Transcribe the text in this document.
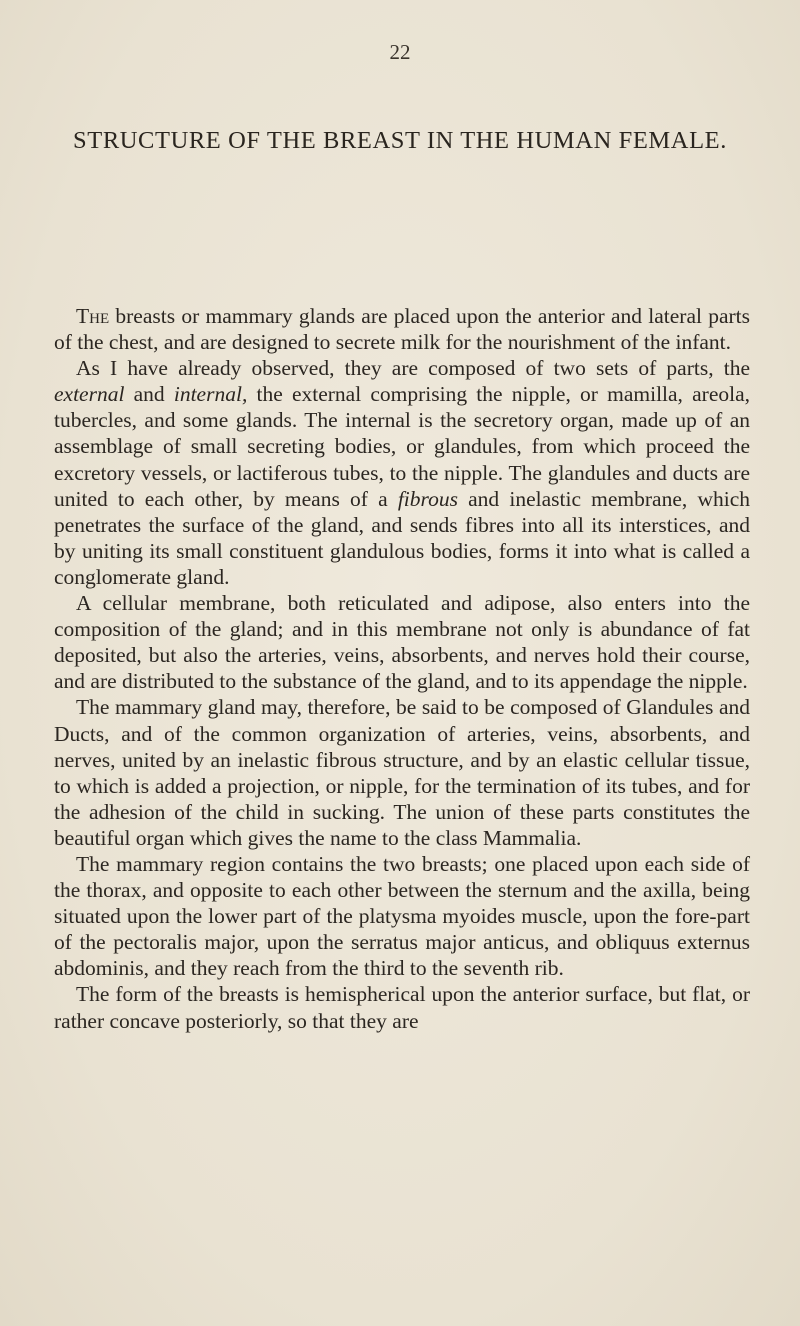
22
STRUCTURE OF THE BREAST IN THE HUMAN FEMALE.

The breasts or mammary glands are placed upon the anterior and lateral parts of the chest, and are designed to secrete milk for the nourishment of the infant.

As I have already observed, they are composed of two sets of parts, the external and internal, the external comprising the nipple, or mamilla, areola, tubercles, and some glands. The internal is the secretory organ, made up of an assemblage of small secreting bodies, or glandules, from which proceed the excretory vessels, or lactiferous tubes, to the nipple. The glandules and ducts are united to each other, by means of a fibrous and inelastic membrane, which penetrates the surface of the gland, and sends fibres into all its interstices, and by uniting its small constituent glandulous bodies, forms it into what is called a conglomerate gland.

A cellular membrane, both reticulated and adipose, also enters into the composition of the gland; and in this membrane not only is abundance of fat deposited, but also the arteries, veins, absorbents, and nerves hold their course, and are distributed to the substance of the gland, and to its appendage the nipple.

The mammary gland may, therefore, be said to be composed of Glandules and Ducts, and of the common organization of arteries, veins, absorbents, and nerves, united by an inelastic fibrous structure, and by an elastic cellular tissue, to which is added a projection, or nipple, for the termination of its tubes, and for the adhesion of the child in sucking. The union of these parts constitutes the beautiful organ which gives the name to the class Mammalia.

The mammary region contains the two breasts; one placed upon each side of the thorax, and opposite to each other between the sternum and the axilla, being situated upon the lower part of the platysma myoides muscle, upon the fore-part of the pectoralis major, upon the serratus major anticus, and obliquus externus abdominis, and they reach from the third to the seventh rib.

The form of the breasts is hemispherical upon the anterior surface, but flat, or rather concave posteriorly, so that they are
